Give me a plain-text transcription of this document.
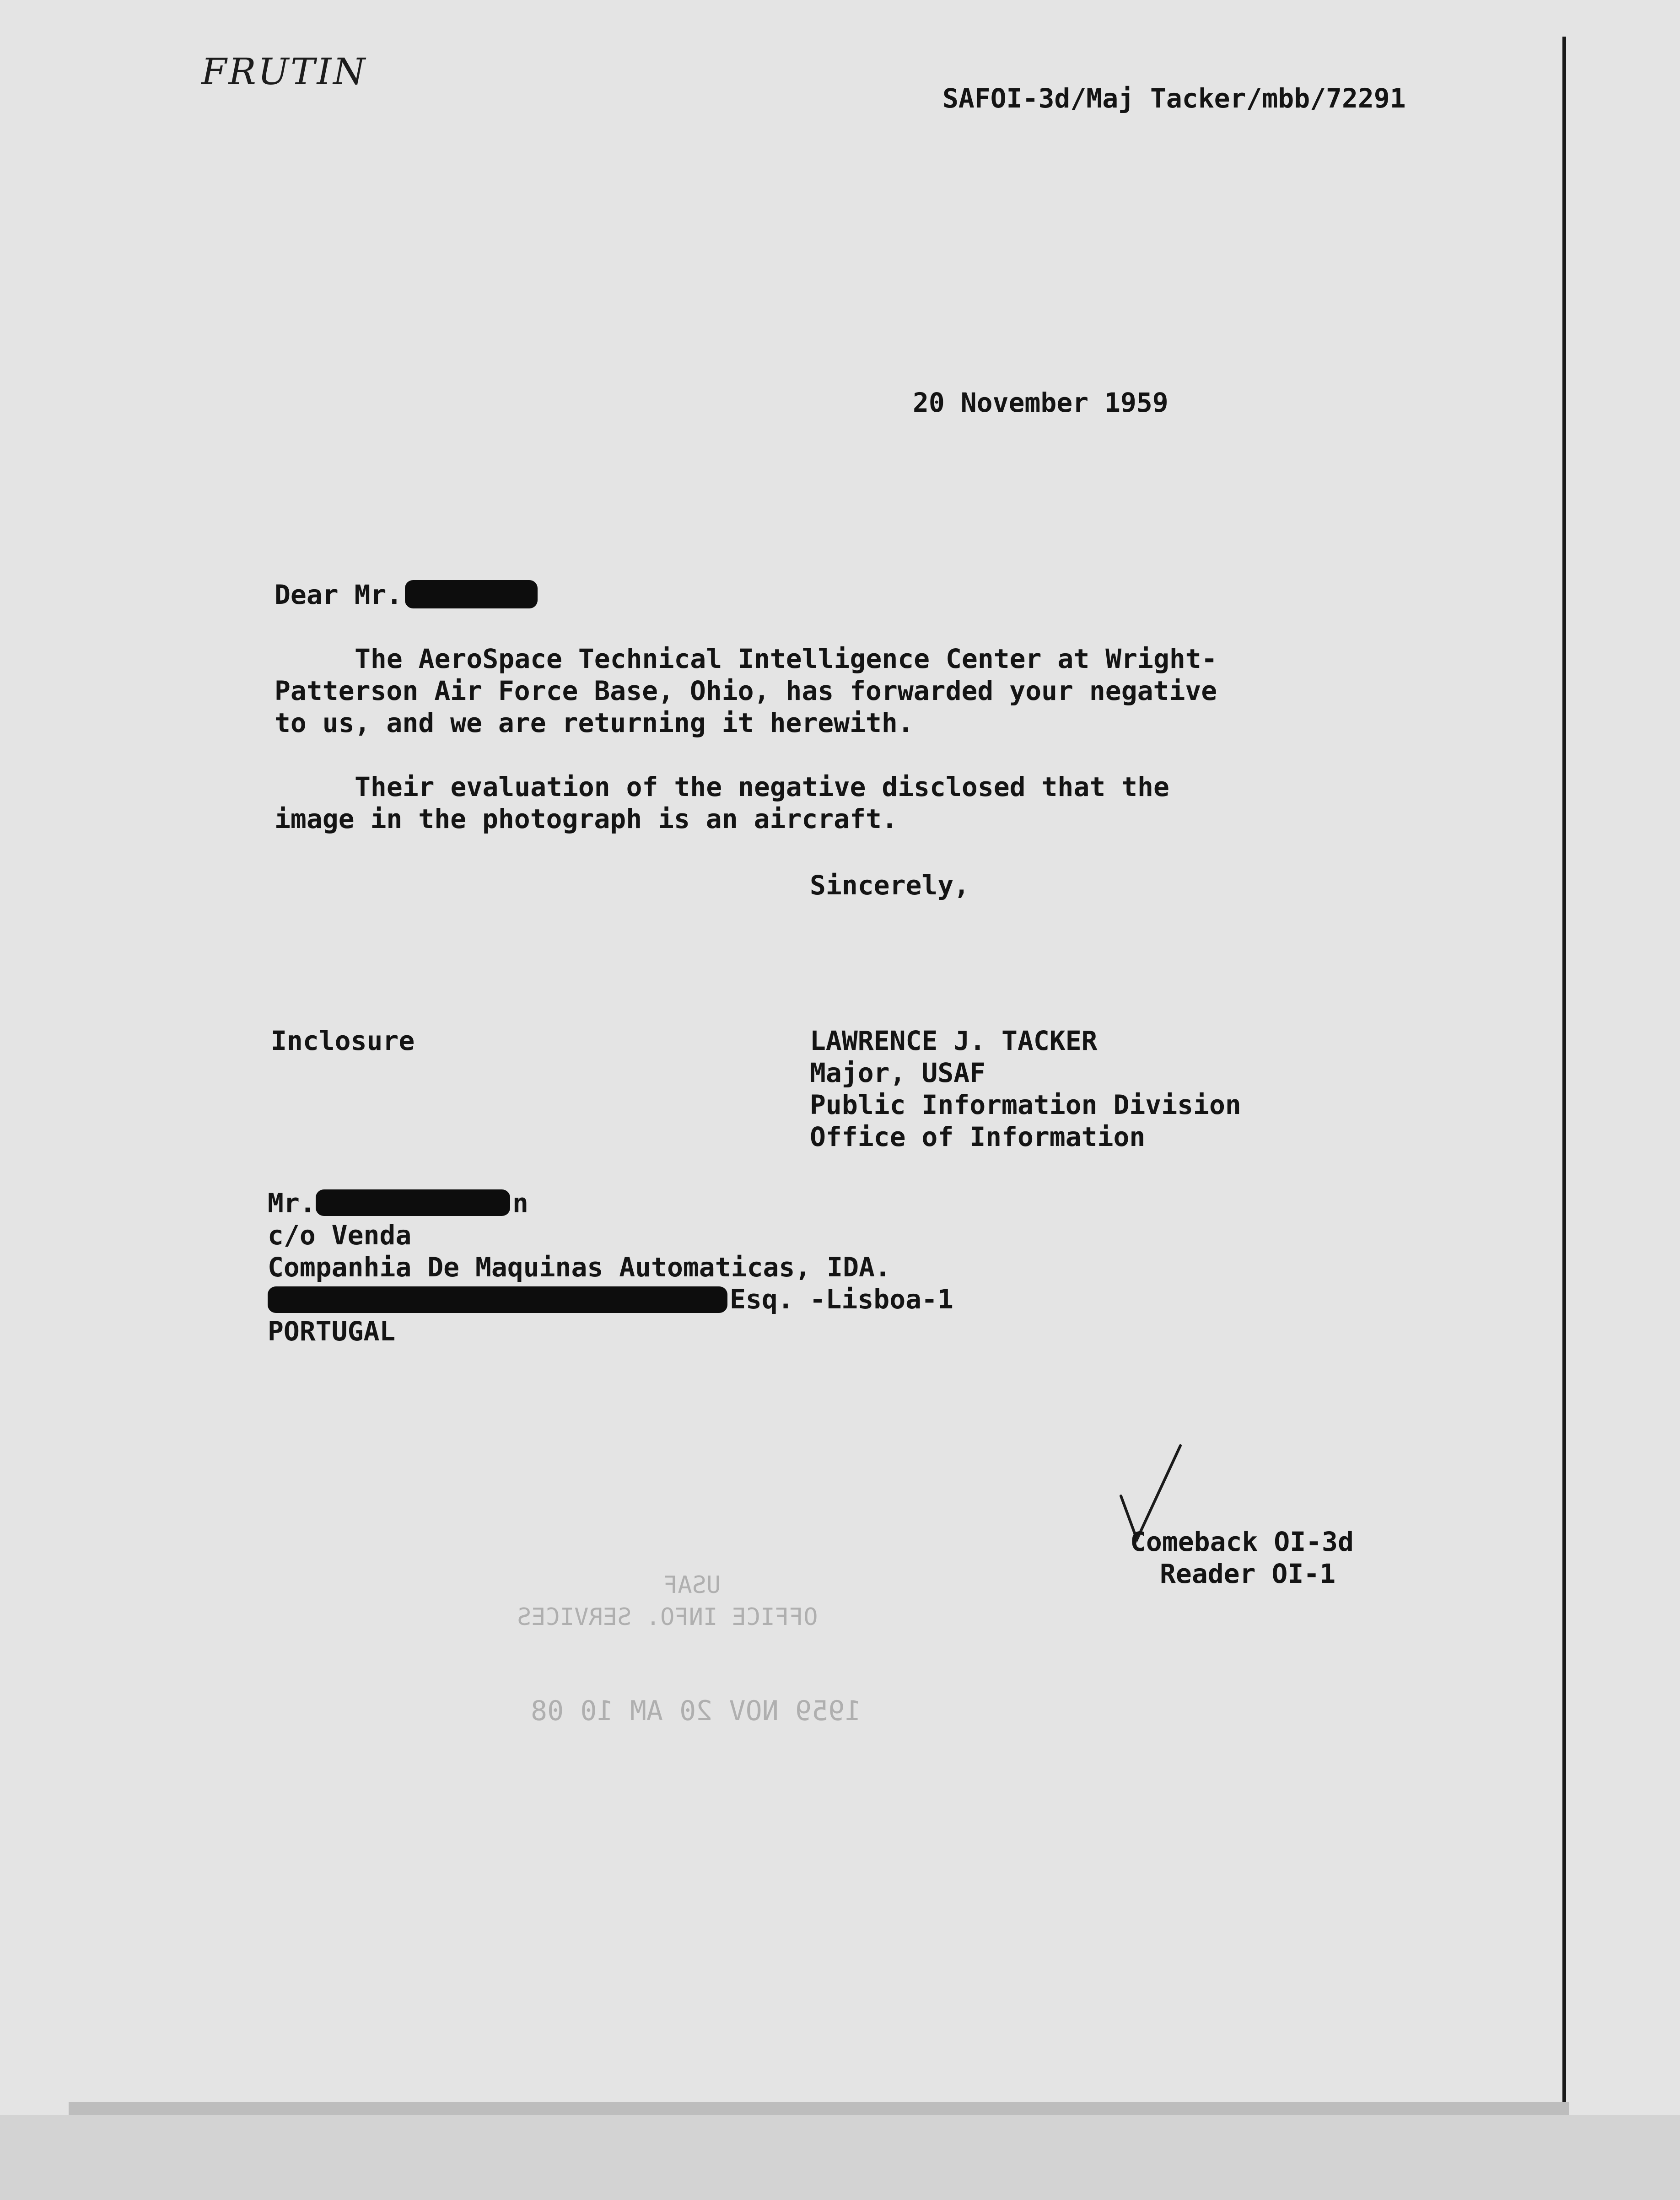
FRUTIN
SAFOI-3d/Maj Tacker/mbb/72291
20 November 1959
Dear Mr.
The AeroSpace Technical Intelligence Center at Wright-
Patterson Air Force Base, Ohio, has forwarded your negative
to us, and we are returning it herewith.
Their evaluation of the negative disclosed that the
image in the photograph is an aircraft.
Sincerely,
Inclosure	LAWRENCE J. TACKER
Major, USAF
Public Information Division
Office of Information
Mr.	n
c/o Venda
Companhia De Maquinas Automaticas, IDA.
Esq. -Lisboa-1
PORTUGAL
Comeback OI-3d
Reader OI-1
USAF
OFFICE INFO. SERVICES
1959 NOV 20 AM 10 08
